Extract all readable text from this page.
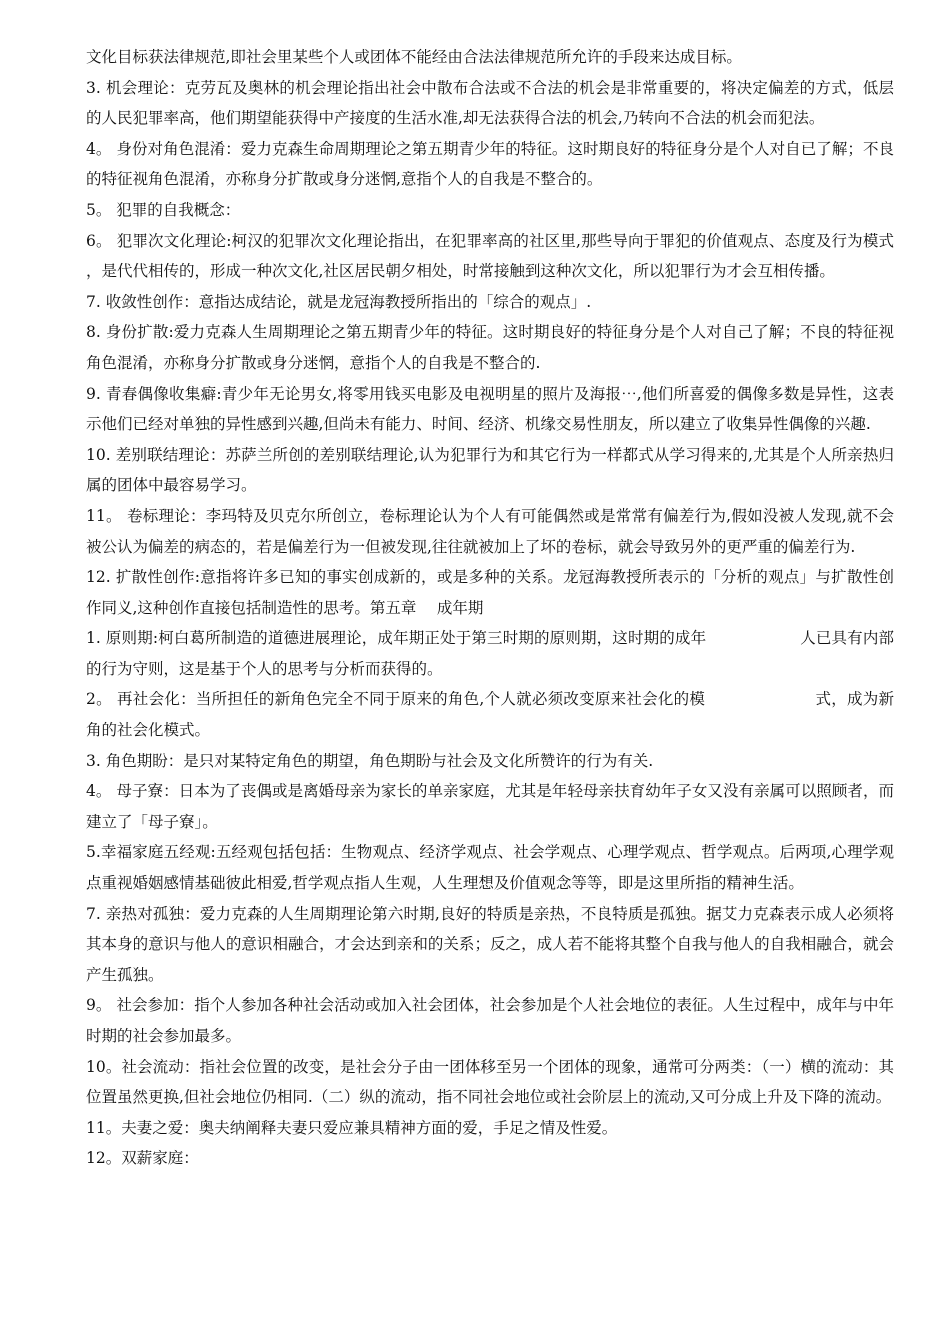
文化目标获法律规范,即社会里某些个人或团体不能经由合法法律规范所允许的手段来达成目标。

3. 机会理论：克劳瓦及奥林的机会理论指出社会中散布合法或不合法的机会是非常重要的，将决定偏差的方式，低层的人民犯罪率高，他们期望能获得中产接度的生活水准,却无法获得合法的机会,乃转向不合法的机会而犯法。

4。 身份对角色混淆：爱力克森生命周期理论之第五期青少年的特征。这时期良好的特征身分是个人对自已了解；不良的特征视角色混淆，亦称身分扩散或身分迷惘,意指个人的自我是不整合的。

5。 犯罪的自我概念：

6。 犯罪次文化理论:柯汉的犯罪次文化理论指出，在犯罪率高的社区里,那些导向于罪犯的价值观点、态度及行为模式，是代代相传的，形成一种次文化,社区居民朝夕相处，时常接触到这种次文化，所以犯罪行为才会互相传播。

7. 收敛性创作：意指达成结论，就是龙冠海教授所指出的「综合的观点」.

8. 身份扩散:爱力克森人生周期理论之第五期青少年的特征。这时期良好的特征身分是个人对自己了解；不良的特征视角色混淆，亦称身分扩散或身分迷惘，意指个人的自我是不整合的.

9. 青春偶像收集癖:青少年无论男女,将零用钱买电影及电视明星的照片及海报⋯,他们所喜爱的偶像多数是异性，这表示他们已经对单独的异性感到兴趣,但尚未有能力、时间、经济、机缘交易性朋友，所以建立了收集异性偶像的兴趣.

10. 差别联结理论：苏萨兰所创的差别联结理论,认为犯罪行为和其它行为一样都式从学习得来的,尤其是个人所亲热归属的团体中最容易学习。

11。 卷标理论：李玛特及贝克尔所创立，卷标理论认为个人有可能偶然或是常常有偏差行为,假如没被人发现,就不会被公认为偏差的病态的，若是偏差行为一但被发现,往往就被加上了坏的卷标，就会导致另外的更严重的偏差行为.

12. 扩散性创作:意指将许多已知的事实创成新的，或是多种的关系。龙冠海教授所表示的「分析的观点」与扩散性创作同义,这种创作直接包括制造性的思考。第五章　 成年期

1. 原则期:柯白葛所制造的道德进展理论，成年期正处于第三时期的原则期，这时期的成年　　　　　　人已具有内部的行为守则，这是基于个人的思考与分析而获得的。

2。 再社会化：当所担任的新角色完全不同于原来的角色,个人就必须改变原来社会化的模　　　　　　　式，成为新角的社会化模式。

3. 角色期盼：是只对某特定角色的期望，角色期盼与社会及文化所赞许的行为有关.

4。 母子寮：日本为了丧偶或是离婚母亲为家长的单亲家庭，尤其是年轻母亲扶育幼年子女又没有亲属可以照顾者，而建立了「母子寮」。

5.幸福家庭五经观:五经观包括包括：生物观点、经济学观点、社会学观点、心理学观点、哲学观点。后两项,心理学观点重视婚姻感情基础彼此相爱,哲学观点指人生观，人生理想及价值观念等等，即是这里所指的精神生活。

7. 亲热对孤独：爱力克森的人生周期理论第六时期,良好的特质是亲热，不良特质是孤独。据艾力克森表示成人必须将其本身的意识与他人的意识相融合，才会达到亲和的关系；反之，成人若不能将其整个自我与他人的自我相融合，就会产生孤独。

9。 社会参加：指个人参加各种社会活动或加入社会团体，社会参加是个人社会地位的表征。人生过程中，成年与中年时期的社会参加最多。

10。社会流动：指社会位置的改变，是社会分子由一团体移至另一个团体的现象，通常可分两类：（一）横的流动：其位置虽然更换,但社会地位仍相同.（二）纵的流动，指不同社会地位或社会阶层上的流动,又可分成上升及下降的流动。

11。夫妻之爱：奥夫纳阐释夫妻只爱应兼具精神方面的爱，手足之情及性爱。

12。双薪家庭：
